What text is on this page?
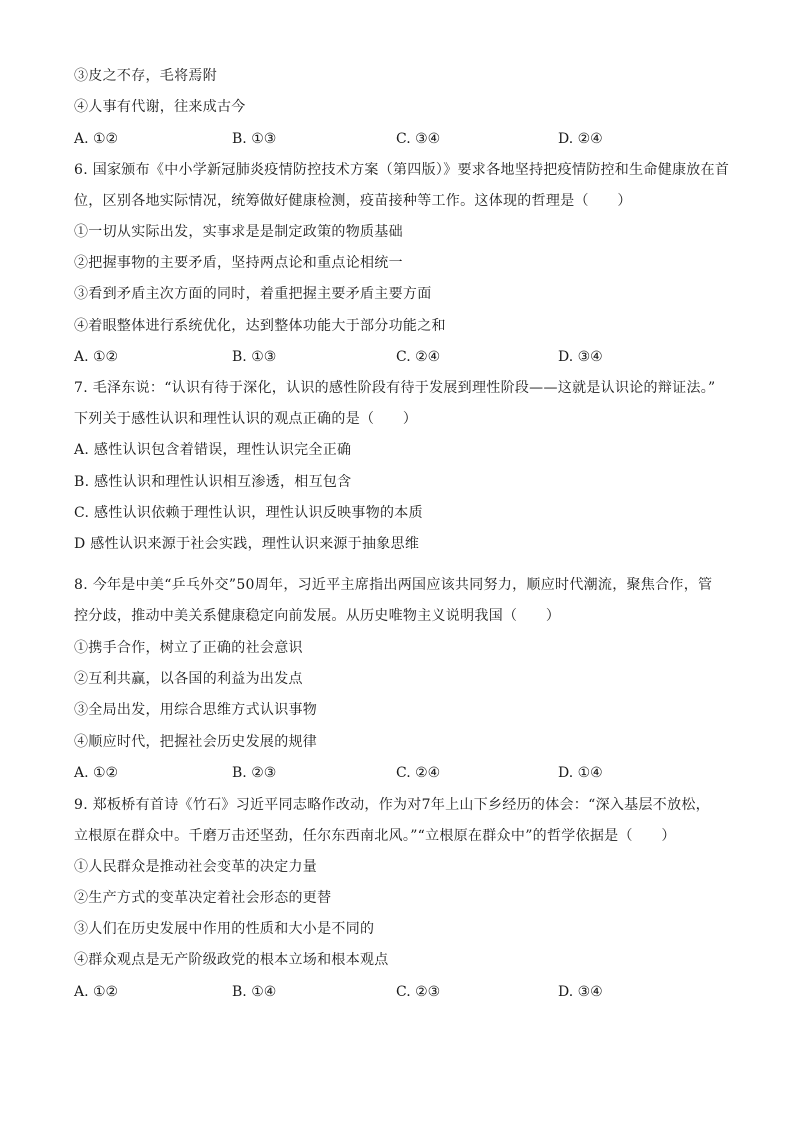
③皮之不存，毛将焉附
④人事有代谢，往来成古今
A. ①②	B. ①③	C. ③④	D. ②④
6. 国家颁布《中小学新冠肺炎疫情防控技术方案（第四版）》要求各地坚持把疫情防控和生命健康放在首
位，区别各地实际情况，统筹做好健康检测，疫苗接种等工作。这体现的哲理是（　　）
①一切从实际出发，实事求是是制定政策的物质基础
②把握事物的主要矛盾，坚持两点论和重点论相统一
③看到矛盾主次方面的同时，着重把握主要矛盾主要方面
④着眼整体进行系统优化，达到整体功能大于部分功能之和
A. ①②	B. ①③	C. ②④	D. ③④
7. 毛泽东说：“认识有待于深化，认识的感性阶段有待于发展到理性阶段——这就是认识论的辩证法。”
下列关于感性认识和理性认识的观点正确的是（　　）
A. 感性认识包含着错误，理性认识完全正确
B. 感性认识和理性认识相互渗透，相互包含
C. 感性认识依赖于理性认识，理性认识反映事物的本质
D 感性认识来源于社会实践，理性认识来源于抽象思维
8. 今年是中美“乒乓外交”50周年，习近平主席指出两国应该共同努力，顺应时代潮流，聚焦合作，管
控分歧，推动中美关系健康稳定向前发展。从历史唯物主义说明我国（　　）
①携手合作，树立了正确的社会意识
②互利共赢，以各国的利益为出发点
③全局出发，用综合思维方式认识事物
④顺应时代，把握社会历史发展的规律
A. ①②	B. ②③	C. ②④	D. ①④
9. 郑板桥有首诗《竹石》习近平同志略作改动，作为对7年上山下乡经历的体会：“深入基层不放松，
立根原在群众中。千磨万击还坚劲，任尔东西南北风。”“立根原在群众中”的哲学依据是（　　）
①人民群众是推动社会变革的决定力量
②生产方式的变革决定着社会形态的更替
③人们在历史发展中作用的性质和大小是不同的
④群众观点是无产阶级政党的根本立场和根本观点
A. ①②	B. ①④	C. ②③	D. ③④
